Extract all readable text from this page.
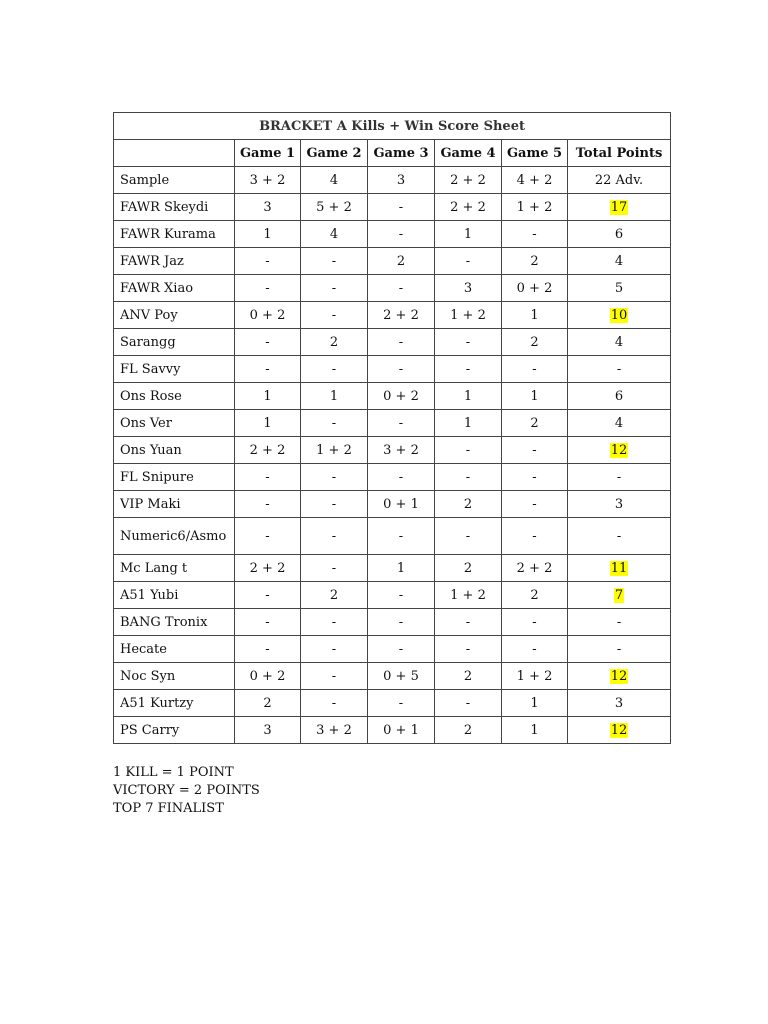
BRACKET A Kills + Win Score Sheet						
	Game 1	Game 2	Game 3	Game 4	Game 5	Total Points
Sample	3 + 2	4	3	2 + 2	4 + 2	22 Adv.
FAWR Skeydi	3	5 + 2	-	2 + 2	1 + 2	17
FAWR Kurama	1	4	-	1	-	6
FAWR Jaz	-	-	2	-	2	4
FAWR Xiao	-	-	-	3	0 + 2	5
ANV Poy	0 + 2	-	2 + 2	1 + 2	1	10
Sarangg	-	2	-	-	2	4
FL Savvy	-	-	-	-	-	-
Ons Rose	1	1	0 + 2	1	1	6
Ons Ver	1	-	-	1	2	4
Ons Yuan	2 + 2	1 + 2	3 + 2	-	-	12
FL Snipure	-	-	-	-	-	-
VIP Maki	-	-	0 + 1	2	-	3
Numeric6/Asmo	-	-	-	-	-	-
Mc Lang t	2 + 2	-	1	2	2 + 2	11
A51 Yubi	-	2	-	1 + 2	2	7
BANG Tronix	-	-	-	-	-	-
Hecate	-	-	-	-	-	-
Noc Syn	0 + 2	-	0 + 5	2	1 + 2	12
A51 Kurtzy	2	-	-	-	1	3
PS Carry	3	3 + 2	0 + 1	2	1	12
1 KILL = 1 POINT
VICTORY = 2 POINTS
TOP 7 FINALIST
